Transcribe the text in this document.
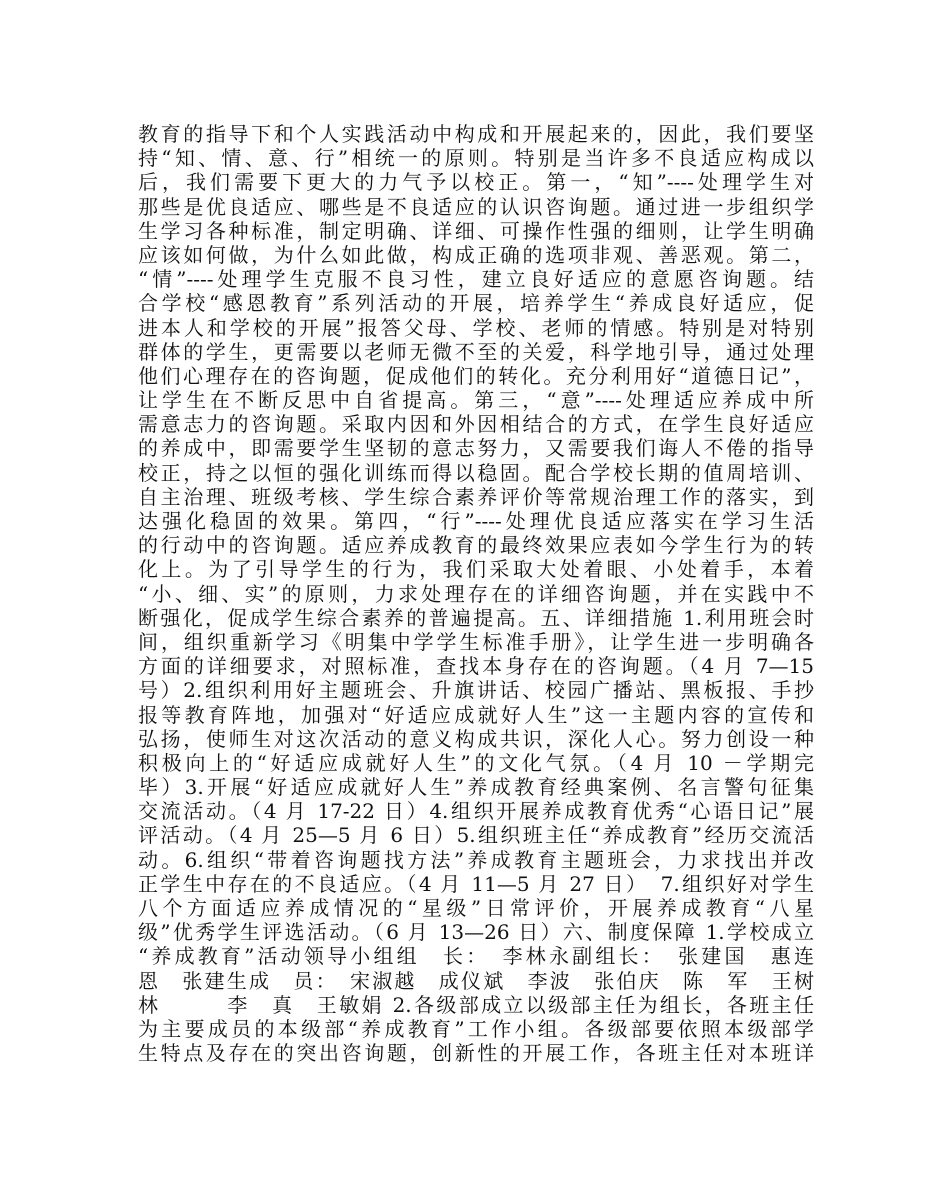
教育的指导下和个人实践活动中构成和开展起来的，因此，我们要坚
持“知、情、意、行”相统一的原则。特别是当许多不良适应构成以
后，我们需要下更大的力气予以校正。第一，“知”----处理学生对
那些是优良适应、哪些是不良适应的认识咨询题。通过进一步组织学
生学习各种标准，制定明确、详细、可操作性强的细则，让学生明确
应该如何做，为什么如此做，构成正确的选项非观、善恶观。第二，
“情”----处理学生克服不良习性，建立良好适应的意愿咨询题。结
合学校“感恩教育”系列活动的开展，培养学生“养成良好适应，促
进本人和学校的开展”报答父母、学校、老师的情感。特别是对特别
群体的学生，更需要以老师无微不至的关爱，科学地引导，通过处理
他们心理存在的咨询题，促成他们的转化。充分利用好“道德日记”，
让学生在不断反思中自省提高。第三，“意”----处理适应养成中所
需意志力的咨询题。采取内因和外因相结合的方式，在学生良好适应
的养成中，即需要学生坚韧的意志努力，又需要我们诲人不倦的指导
校正，持之以恒的强化训练而得以稳固。配合学校长期的值周培训、
自主治理、班级考核、学生综合素养评价等常规治理工作的落实，到
达强化稳固的效果。第四，“行”----处理优良适应落实在学习生活
的行动中的咨询题。适应养成教育的最终效果应表如今学生行为的转
化上。为了引导学生的行为，我们采取大处着眼、小处着手，本着
“小、细、实”的原则，力求处理存在的详细咨询题，并在实践中不
断强化，促成学生综合素养的普遍提高。五、详细措施 1.利用班会时
间，组织重新学习《明集中学学生标准手册》，让学生进一步明确各
方面的详细要求，对照标准，查找本身存在的咨询题。（4 月 7—15
号）2.组织利用好主题班会、升旗讲话、校园广播站、黑板报、手抄
报等教育阵地，加强对“好适应成就好人生”这一主题内容的宣传和
弘扬，使师生对这次活动的意义构成共识，深化人心。努力创设一种
积极向上的“好适应成就好人生”的文化气氛。（4 月 10 －学期完
毕）3.开展“好适应成就好人生”养成教育经典案例、名言警句征集
交流活动。（4 月 17-22 日）4.组织开展养成教育优秀“心语日记”展
评活动。（4 月 25—5 月 6 日）5.组织班主任“养成教育”经历交流活
动。6.组织“带着咨询题找方法”养成教育主题班会，力求找出并改
正学生中存在的不良适应。（4 月 11—5 月 27 日）　7.组织好对学生
八个方面适应养成情况的“星级”日常评价，开展养成教育“八星
级”优秀学生评选活动。（6 月 13—26 日）六、制度保障 1.学校成立
“养成教育”活动领导小组组　长：　李林永副组长：　张建国　惠连
恩　张建生成　员：　宋淑越　成仪斌　李波　张伯庆　陈　军　王树
林　　　李　真　王敏娟 2.各级部成立以级部主任为组长，各班主任
为主要成员的本级部“养成教育”工作小组。各级部要依照本级部学
生特点及存在的突出咨询题，创新性的开展工作，各班主任对本班详
